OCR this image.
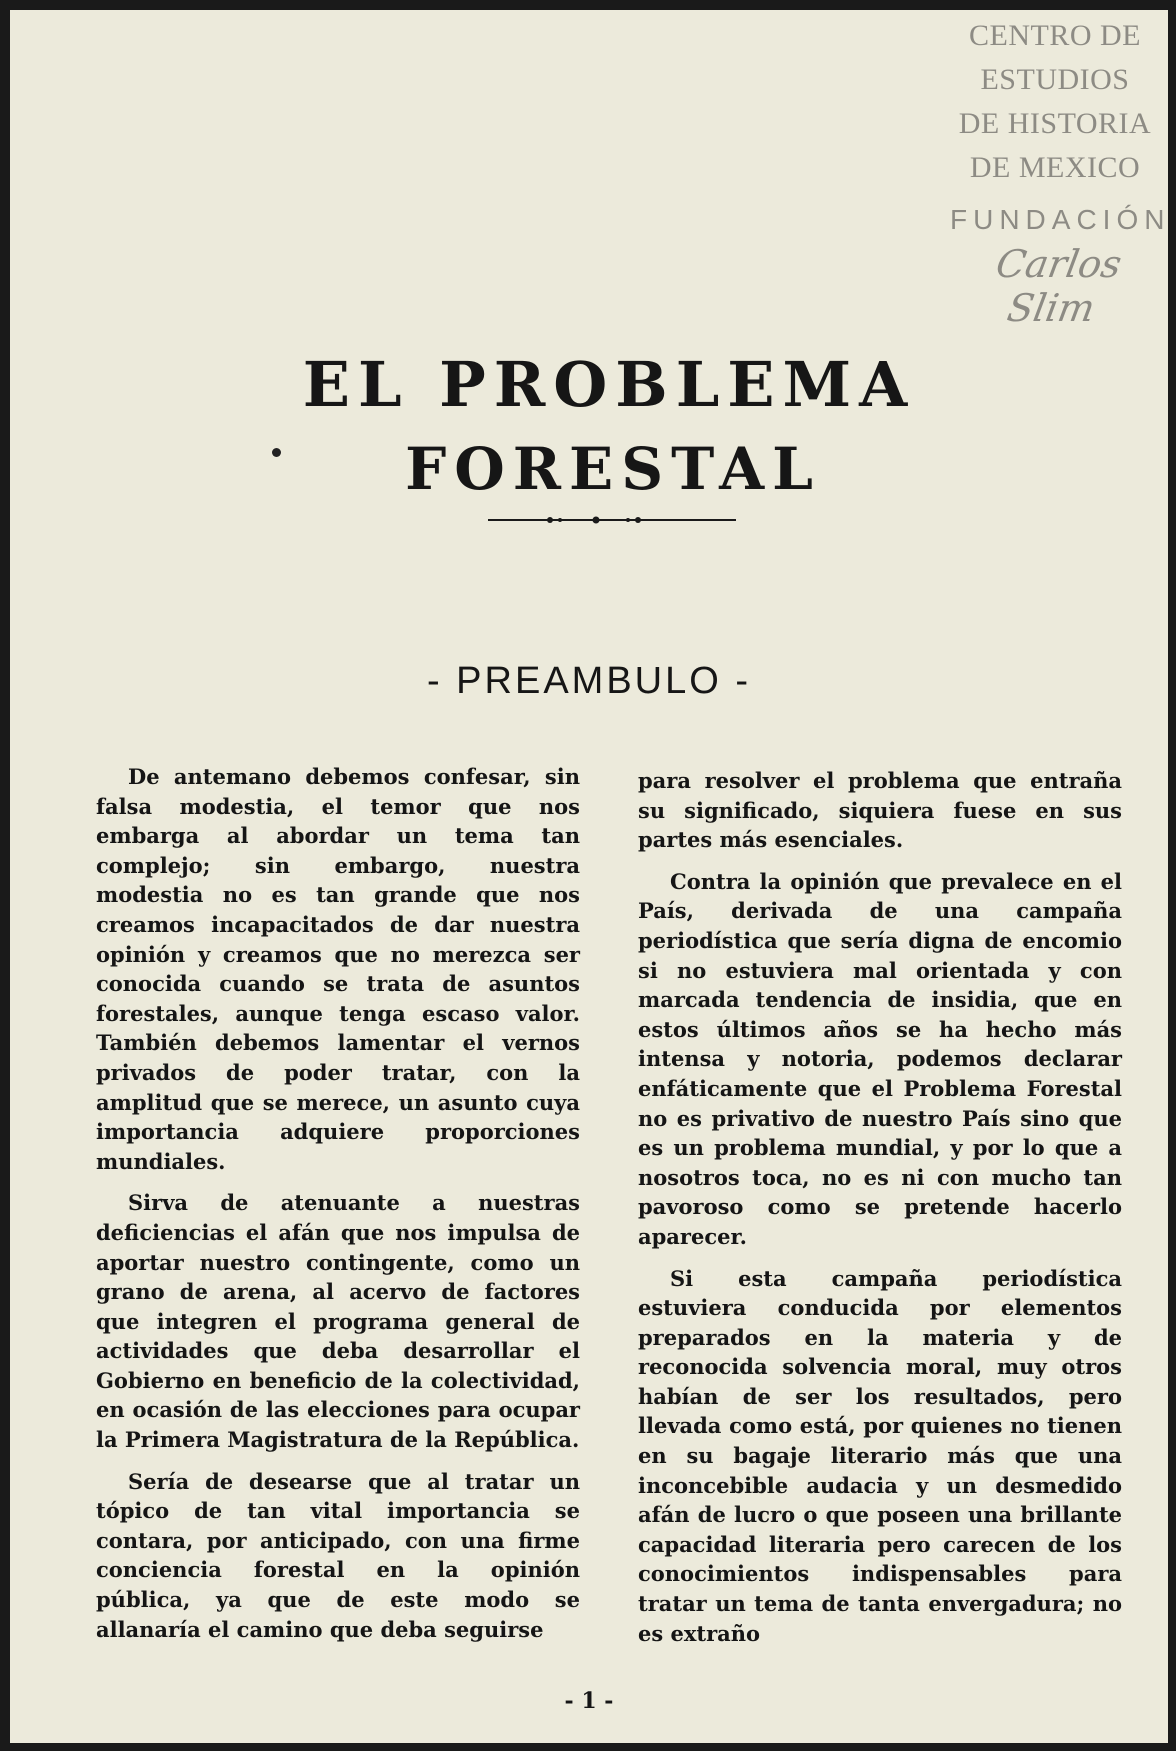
CENTRO DE
ESTUDIOS
DE HISTORIA
DE MEXICO
FUNDACIÓN
Carlos Slim
EL PROBLEMA
FORESTAL
- PREAMBULO -

De antemano debemos confesar, sin falsa modestia, el temor que nos embarga al abordar un tema tan complejo; sin embargo, nuestra modestia no es tan grande que nos creamos incapacitados de dar nuestra opinión y creamos que no merezca ser conocida cuando se trata de asuntos forestales, aunque tenga escaso valor. También debemos lamentar el vernos privados de poder tratar, con la amplitud que se merece, un asunto cuya importancia adquiere proporciones mundiales.

Sirva de atenuante a nuestras deficiencias el afán que nos impulsa de aportar nuestro contingente, como un grano de arena, al acervo de factores que integren el programa general de actividades que deba desarrollar el Gobierno en beneficio de la colectividad, en ocasión de las elecciones para ocupar la Primera Magistratura de la República.

Sería de desearse que al tratar un tópico de tan vital importancia se contara, por anticipado, con una firme conciencia forestal en la opinión pública, ya que de este modo se allanaría el camino que deba seguirse

para resolver el problema que entraña su significado, siquiera fuese en sus partes más esenciales.

Contra la opinión que prevalece en el País, derivada de una campaña periodística que sería digna de encomio si no estuviera mal orientada y con marcada tendencia de insidia, que en estos últimos años se ha hecho más intensa y notoria, podemos declarar enfáticamente que el Problema Forestal no es privativo de nuestro País sino que es un problema mundial, y por lo que a nosotros toca, no es ni con mucho tan pavoroso como se pretende hacerlo aparecer.

Si esta campaña periodística estuviera conducida por elementos preparados en la materia y de reconocida solvencia moral, muy otros habían de ser los resultados, pero llevada como está, por quienes no tienen en su bagaje literario más que una inconcebible audacia y un desmedido afán de lucro o que poseen una brillante capacidad literaria pero carecen de los conocimientos indispensables para tratar un tema de tanta envergadura; no es extraño

- 1 -
